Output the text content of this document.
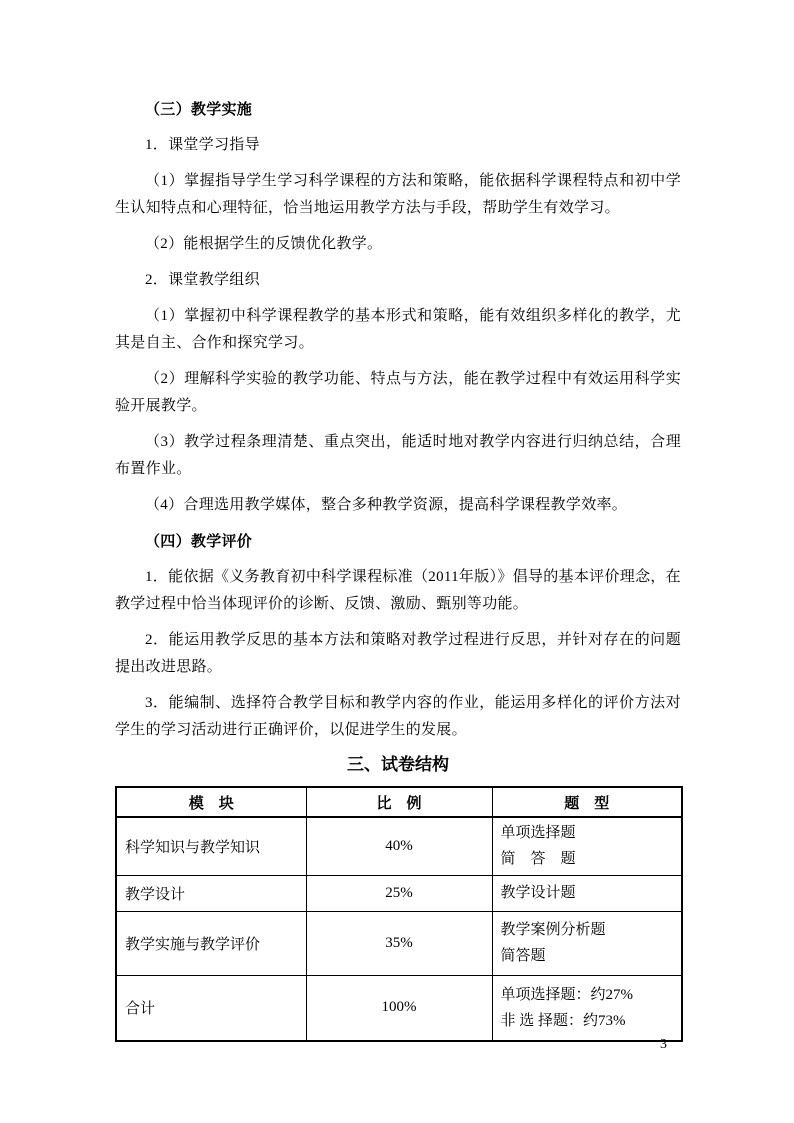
（三）教学实施

1．课堂学习指导

（1）掌握指导学生学习科学课程的方法和策略，能依据科学课程特点和初中学生认知特点和心理特征，恰当地运用教学方法与手段，帮助学生有效学习。

（2）能根据学生的反馈优化教学。

2．课堂教学组织

（1）掌握初中科学课程教学的基本形式和策略，能有效组织多样化的教学，尤其是自主、合作和探究学习。

（2）理解科学实验的教学功能、特点与方法，能在教学过程中有效运用科学实验开展教学。

（3）教学过程条理清楚、重点突出，能适时地对教学内容进行归纳总结，合理布置作业。

（4）合理选用教学媒体，整合多种教学资源，提高科学课程教学效率。

（四）教学评价

1．能依据《义务教育初中科学课程标准（2011年版）》倡导的基本评价理念，在教学过程中恰当体现评价的诊断、反馈、激励、甄别等功能。

2．能运用教学反思的基本方法和策略对教学过程进行反思，并针对存在的问题提出改进思路。

3．能编制、选择符合教学目标和教学内容的作业，能运用多样化的评价方法对学生的学习活动进行正确评价，以促进学生的发展。

三、试卷结构
模　块	比　例	题　型
科学知识与教学知识	40%	单项选择题
简　答　题

教学设计	25%	教学设计题

教学实施与教学评价	35%	教学案例分析题
简答题

合计	100%	单项选择题：约27%
非 选 择题：约73%
3
